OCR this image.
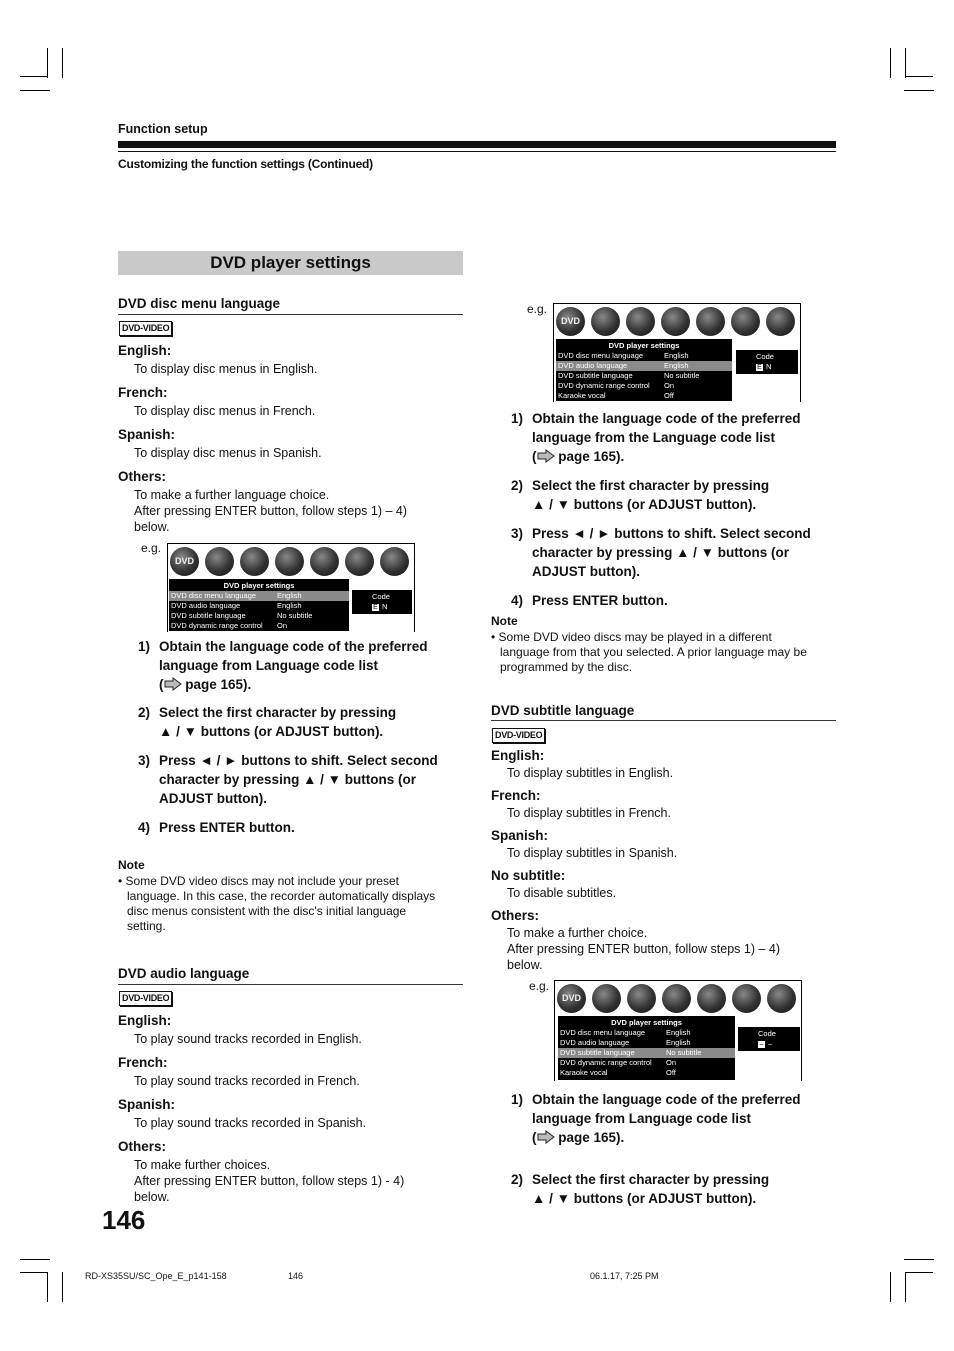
Function setup
Customizing the function settings (Continued)
DVD player settings
DVD disc menu language
DVD-VIDEO
English:
To display disc menus in English.
French:
To display disc menus in French.
Spanish:
To display disc menus in Spanish.
Others:
To make a further language choice.
After pressing ENTER button, follow steps 1) – 4)
below.
e.g.
DVD
DVD player settings
DVD disc menu language	English
DVD audio language	English
DVD subtitle language	No subtitle
DVD dynamic range control On
Code
E N
1) Obtain the language code of the preferred
language from Language code list
( page 165).
2) Select the first character by pressing
▲ / ▼ buttons (or ADJUST button).
3) Press ◄ / ► buttons to shift. Select second
character by pressing ▲ / ▼ buttons (or
ADJUST button).
4) Press ENTER button.
Note
• Some DVD video discs may not include your preset
language. In this case, the recorder automatically displays
disc menus consistent with the disc's initial language
setting.
DVD audio language
DVD-VIDEO
English:
To play sound tracks recorded in English.
French:
To play sound tracks recorded in French.
Spanish:
To play sound tracks recorded in Spanish.
Others:
To make further choices.
After pressing ENTER button, follow steps 1) - 4)
below.
e.g.
DVD
DVD player settings
DVD disc menu language	English
DVD audio language	English
DVD subtitle language	No subtitle
DVD dynamic range control On
Karaoke vocal	Off
Code
E N
1) Obtain the language code of the preferred
language from the Language code list
( page 165).
2) Select the first character by pressing
▲ / ▼ buttons (or ADJUST button).
3) Press ◄ / ► buttons to shift. Select second
character by pressing ▲ / ▼ buttons (or
ADJUST button).
4) Press ENTER button.
Note
• Some DVD video discs may be played in a different
language from that you selected. A prior language may be
programmed by the disc.
DVD subtitle language
DVD-VIDEO
English:
To display subtitles in English.
French:
To display subtitles in French.
Spanish:
To display subtitles in Spanish.
No subtitle:
To disable subtitles.
Others:
To make a further choice.
After pressing ENTER button, follow steps 1) – 4)
below.
e.g.
DVD
DVD player settings
DVD disc menu language	English
DVD audio language	English
DVD subtitle language	No subtitle
DVD dynamic range control On
Karaoke vocal	Off
Code
– –
1) Obtain the language code of the preferred
language from Language code list
( page 165).
2) Select the first character by pressing
▲ / ▼ buttons (or ADJUST button).
146
RD-XS35SU/SC_Ope_E_p141-158	146	06.1.17, 7:25 PM
